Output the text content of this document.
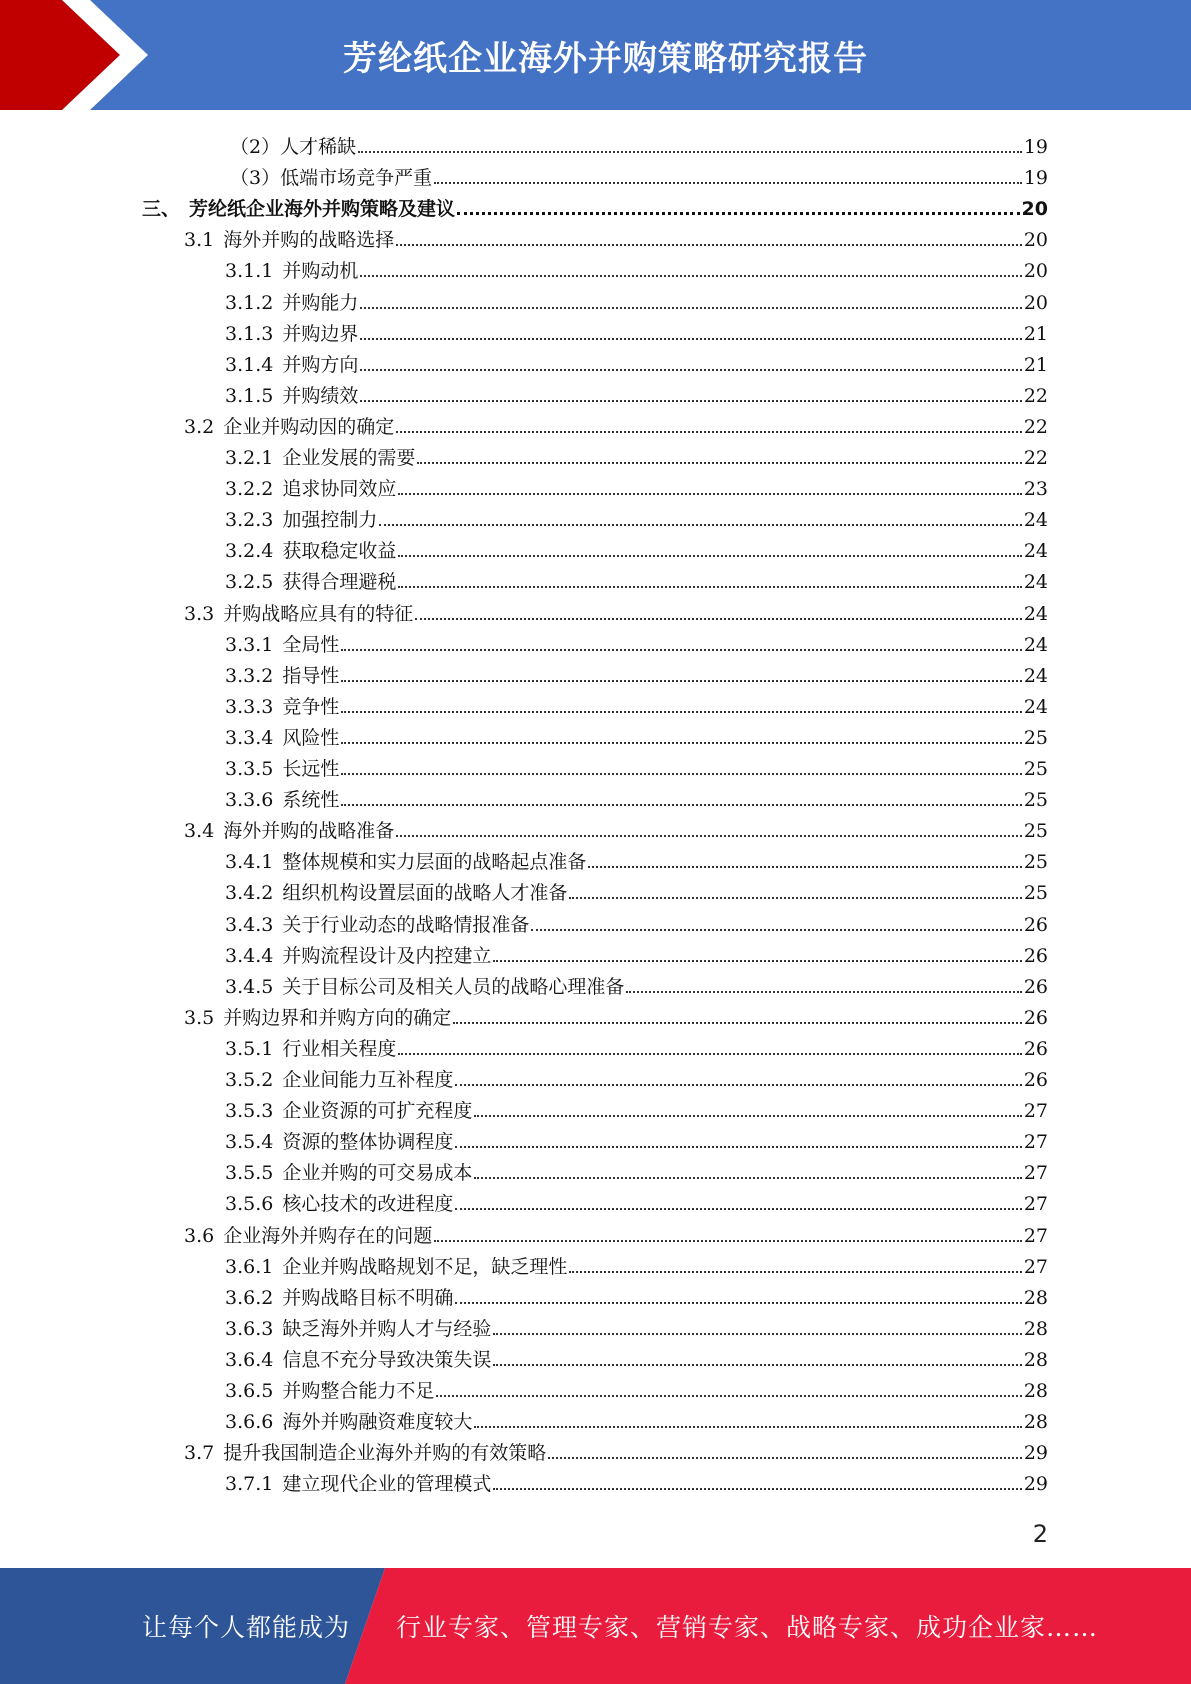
芳纶纸企业海外并购策略研究报告
（2） 人才稀缺	19
（3） 低端市场竞争严重	19
三、 芳纶纸企业海外并购策略及建议	20
3.1 海外并购的战略选择	20
3.1.1 并购动机	20
3.1.2 并购能力	20
3.1.3 并购边界	21
3.1.4 并购方向	21
3.1.5 并购绩效	22
3.2 企业并购动因的确定	22
3.2.1 企业发展的需要	22
3.2.2 追求协同效应	23
3.2.3 加强控制力	24
3.2.4 获取稳定收益	24
3.2.5 获得合理避税	24
3.3 并购战略应具有的特征	24
3.3.1 全局性	24
3.3.2 指导性	24
3.3.3 竞争性	24
3.3.4 风险性	25
3.3.5 长远性	25
3.3.6 系统性	25
3.4 海外并购的战略准备	25
3.4.1 整体规模和实力层面的战略起点准备	25
3.4.2 组织机构设置层面的战略人才准备	25
3.4.3 关于行业动态的战略情报准备	26
3.4.4 并购流程设计及内控建立	26
3.4.5 关于目标公司及相关人员的战略心理准备	26
3.5 并购边界和并购方向的确定	26
3.5.1 行业相关程度	26
3.5.2 企业间能力互补程度	26
3.5.3 企业资源的可扩充程度	27
3.5.4 资源的整体协调程度	27
3.5.5 企业并购的可交易成本	27
3.5.6 核心技术的改进程度	27
3.6 企业海外并购存在的问题	27
3.6.1 企业并购战略规划不足，缺乏理性	27
3.6.2 并购战略目标不明确	28
3.6.3 缺乏海外并购人才与经验	28
3.6.4 信息不充分导致决策失误	28
3.6.5 并购整合能力不足	28
3.6.6 海外并购融资难度较大	28
3.7 提升我国制造企业海外并购的有效策略	29
3.7.1 建立现代企业的管理模式	29
2
让每个人都能成为 行业专家、管理专家、营销专家、战略专家、成功企业家……
